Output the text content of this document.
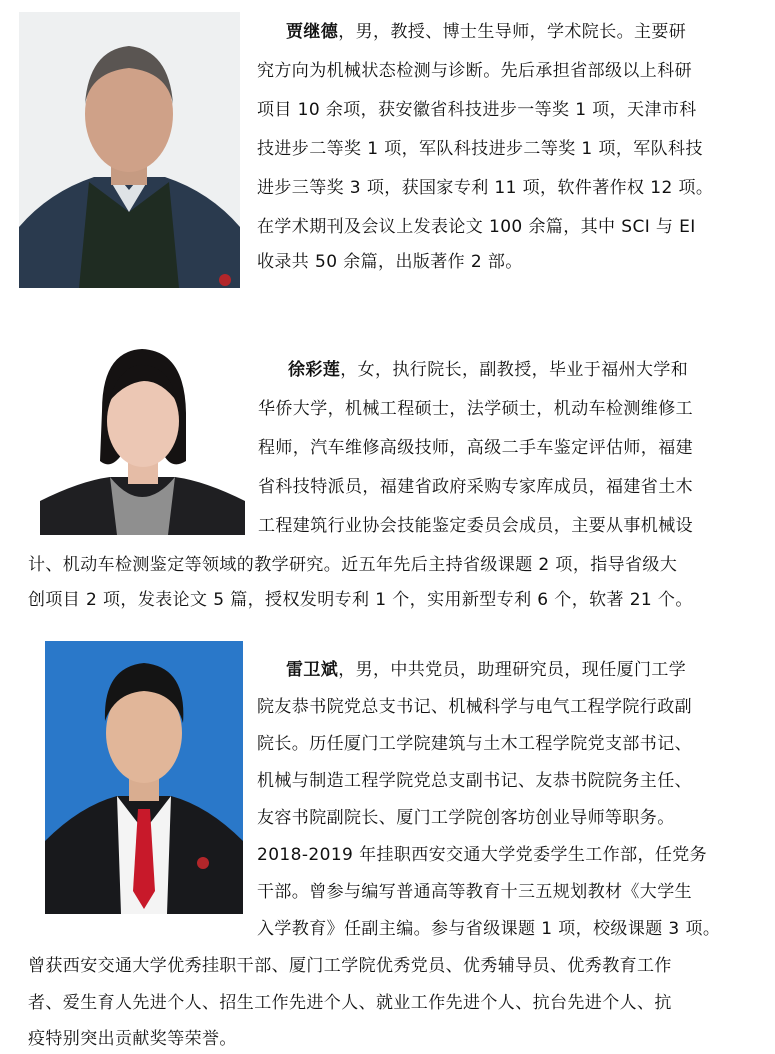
贾继德，男，教授、博士生导师，学术院长。主要研
究方向为机械状态检测与诊断。先后承担省部级以上科研
项目 10 余项，获安徽省科技进步一等奖 1 项，天津市科
技进步二等奖 1 项，军队科技进步二等奖 1 项，军队科技
进步三等奖 3 项，获国家专利 11 项，软件著作权 12 项。
在学术期刊及会议上发表论文 100 余篇，其中 SCI 与 EI
收录共 50 余篇，出版著作 2 部。
徐彩莲，女，执行院长，副教授，毕业于福州大学和
华侨大学，机械工程硕士，法学硕士，机动车检测维修工
程师，汽车维修高级技师，高级二手车鉴定评估师，福建
省科技特派员，福建省政府采购专家库成员，福建省土木
工程建筑行业协会技能鉴定委员会成员，主要从事机械设
计、机动车检测鉴定等领域的教学研究。近五年先后主持省级课题 2 项，指导省级大
创项目 2 项，发表论文 5 篇，授权发明专利 1 个，实用新型专利 6 个，软著 21 个。
雷卫斌，男，中共党员，助理研究员，现任厦门工学
院友恭书院党总支书记、机械科学与电气工程学院行政副
院长。历任厦门工学院建筑与土木工程学院党支部书记、
机械与制造工程学院党总支副书记、友恭书院院务主任、
友容书院副院长、厦门工学院创客坊创业导师等职务。
2018-2019 年挂职西安交通大学党委学生工作部，任党务
干部。曾参与编写普通高等教育十三五规划教材《大学生
入学教育》任副主编。参与省级课题 1 项，校级课题 3 项。
曾获西安交通大学优秀挂职干部、厦门工学院优秀党员、优秀辅导员、优秀教育工作
者、爱生育人先进个人、招生工作先进个人、就业工作先进个人、抗台先进个人、抗
疫特别突出贡献奖等荣誉。
